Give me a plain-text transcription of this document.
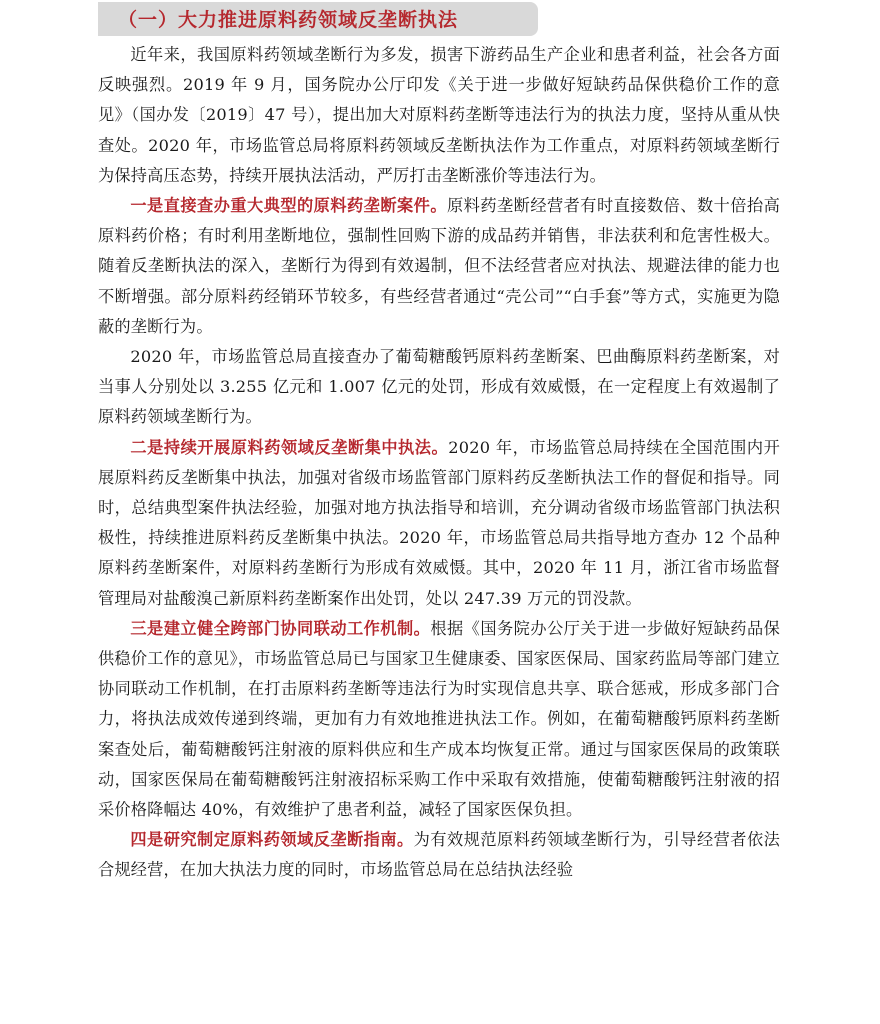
（一）大力推进原料药领域反垄断执法

近年来，我国原料药领域垄断行为多发，损害下游药品生产企业和患者利益，社会各方面反映强烈。2019 年 9 月，国务院办公厅印发《关于进一步做好短缺药品保供稳价工作的意见》（国办发〔2019〕47 号），提出加大对原料药垄断等违法行为的执法力度，坚持从重从快查处。2020 年，市场监管总局将原料药领域反垄断执法作为工作重点，对原料药领域垄断行为保持高压态势，持续开展执法活动，严厉打击垄断涨价等违法行为。

一是直接查办重大典型的原料药垄断案件。原料药垄断经营者有时直接数倍、数十倍抬高原料药价格；有时利用垄断地位，强制性回购下游的成品药并销售，非法获利和危害性极大。随着反垄断执法的深入，垄断行为得到有效遏制，但不法经营者应对执法、规避法律的能力也不断增强。部分原料药经销环节较多，有些经营者通过“壳公司”“白手套”等方式，实施更为隐蔽的垄断行为。

2020 年，市场监管总局直接查办了葡萄糖酸钙原料药垄断案、巴曲酶原料药垄断案，对当事人分别处以 3.255 亿元和 1.007 亿元的处罚，形成有效威慑，在一定程度上有效遏制了原料药领域垄断行为。

二是持续开展原料药领域反垄断集中执法。2020 年，市场监管总局持续在全国范围内开展原料药反垄断集中执法，加强对省级市场监管部门原料药反垄断执法工作的督促和指导。同时，总结典型案件执法经验，加强对地方执法指导和培训，充分调动省级市场监管部门执法积极性，持续推进原料药反垄断集中执法。2020 年，市场监管总局共指导地方查办 12 个品种原料药垄断案件，对原料药垄断行为形成有效威慑。其中，2020 年 11 月，浙江省市场监督管理局对盐酸溴己新原料药垄断案作出处罚，处以 247.39 万元的罚没款。

三是建立健全跨部门协同联动工作机制。根据《国务院办公厅关于进一步做好短缺药品保供稳价工作的意见》，市场监管总局已与国家卫生健康委、国家医保局、国家药监局等部门建立协同联动工作机制，在打击原料药垄断等违法行为时实现信息共享、联合惩戒，形成多部门合力，将执法成效传递到终端，更加有力有效地推进执法工作。例如，在葡萄糖酸钙原料药垄断案查处后，葡萄糖酸钙注射液的原料供应和生产成本均恢复正常。通过与国家医保局的政策联动，国家医保局在葡萄糖酸钙注射液招标采购工作中采取有效措施，使葡萄糖酸钙注射液的招采价格降幅达 40%，有效维护了患者利益，减轻了国家医保负担。

四是研究制定原料药领域反垄断指南。为有效规范原料药领域垄断行为，引导经营者依法合规经营，在加大执法力度的同时，市场监管总局在总结执法经验
